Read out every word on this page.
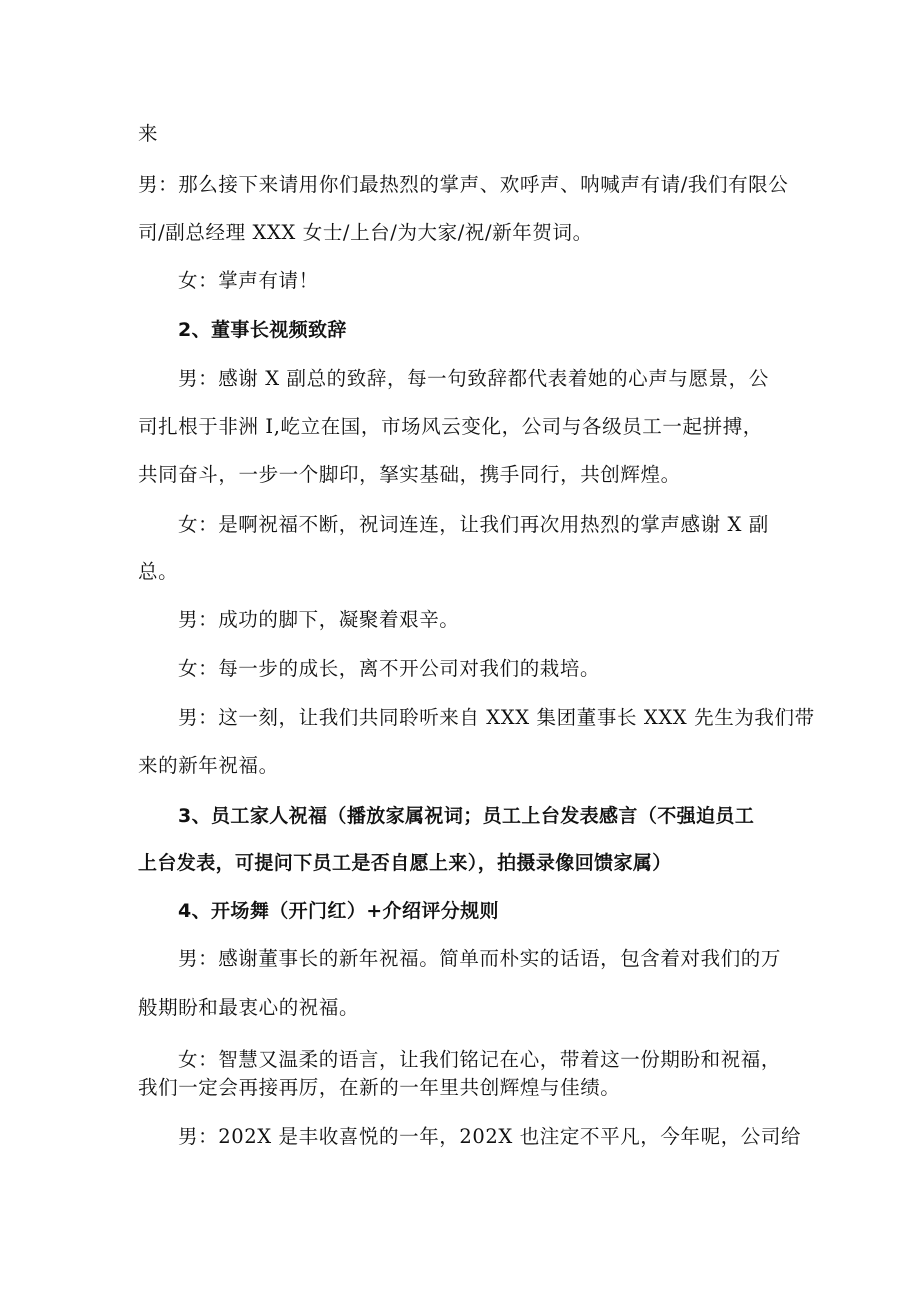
来
男：那么接下来请用你们最热烈的掌声、欢呼声、呐喊声有请/我们有限公
司/副总经理 XXX 女士/上台/为大家/祝/新年贺词。
女：掌声有请！
2、董事长视频致辞
男：感谢 X 副总的致辞，每一句致辞都代表着她的心声与愿景，公
司扎根于非洲 I,屹立在国，市场风云变化，公司与各级员工一起拼搏，
共同奋斗，一步一个脚印，拏实基础，携手同行，共创辉煌。
女：是啊祝福不断，祝词连连，让我们再次用热烈的掌声感谢 X 副
总。
男：成功的脚下，凝聚着艰辛。
女：每一步的成长，离不开公司对我们的栽培。
男：这一刻，让我们共同聆听来自 XXX 集团董事长 XXX 先生为我们带
来的新年祝福。
3、员工家人祝福（播放家属祝词；员工上台发表感言（不强迫员工
上台发表，可提问下员工是否自愿上来），拍摄录像回馈家属）
4、开场舞（开门红）+介绍评分规则
男：感谢董事长的新年祝福。简单而朴实的话语，包含着对我们的万
般期盼和最衷心的祝福。
女：智慧又温柔的语言，让我们铭记在心，带着这一份期盼和祝福，
我们一定会再接再厉，在新的一年里共创辉煌与佳绩。
男：202X 是丰收喜悦的一年，202X 也注定不平凡，今年呢，公司给
